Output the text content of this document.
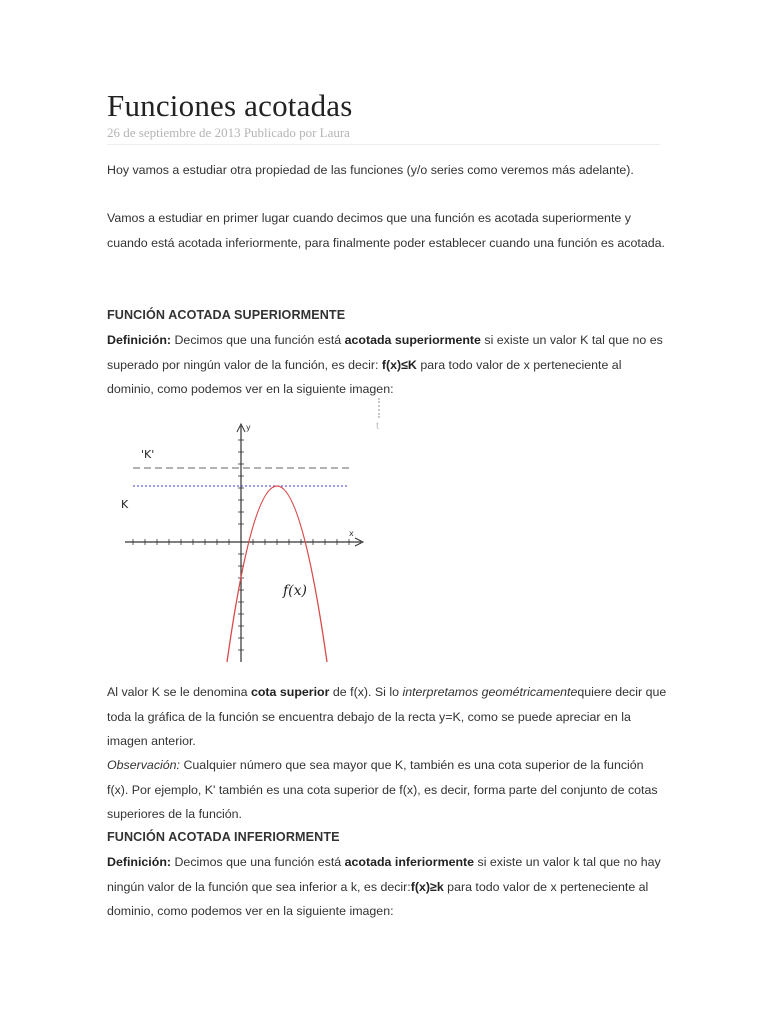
Funciones acotadas
26 de septiembre de 2013 Publicado por Laura

Hoy vamos a estudiar otra propiedad de las funciones (y/o series como veremos más adelante).

Vamos a estudiar en primer lugar cuando decimos que una función es acotada superiormente y cuando está acotada inferiormente, para finalmente poder establecer cuando una función es acotada.

FUNCIÓN ACOTADA SUPERIORMENTE

Definición: Decimos que una función está acotada superiormente si existe un valor K tal que no es superado por ningún valor de la función, es decir: f(x)≤K para todo valor de x perteneciente al dominio, como podemos ver en la siguiente imagen:

t
y
x
'K'
K
f(x)

Al valor K se le denomina cota superior de f(x). Si lo interpretamos geométricamentequiere decir que toda la gráfica de la función se encuentra debajo de la recta y=K, como se puede apreciar en la imagen anterior.

Observación: Cualquier número que sea mayor que K, también es una cota superior de la función f(x). Por ejemplo, K' también es una cota superior de f(x), es decir, forma parte del conjunto de cotas superiores de la función.

FUNCIÓN ACOTADA INFERIORMENTE

Definición: Decimos que una función está acotada inferiormente si existe un valor k tal que no hay ningún valor de la función que sea inferior a k, es decir:f(x)≥k para todo valor de x perteneciente al dominio, como podemos ver en la siguiente imagen:
